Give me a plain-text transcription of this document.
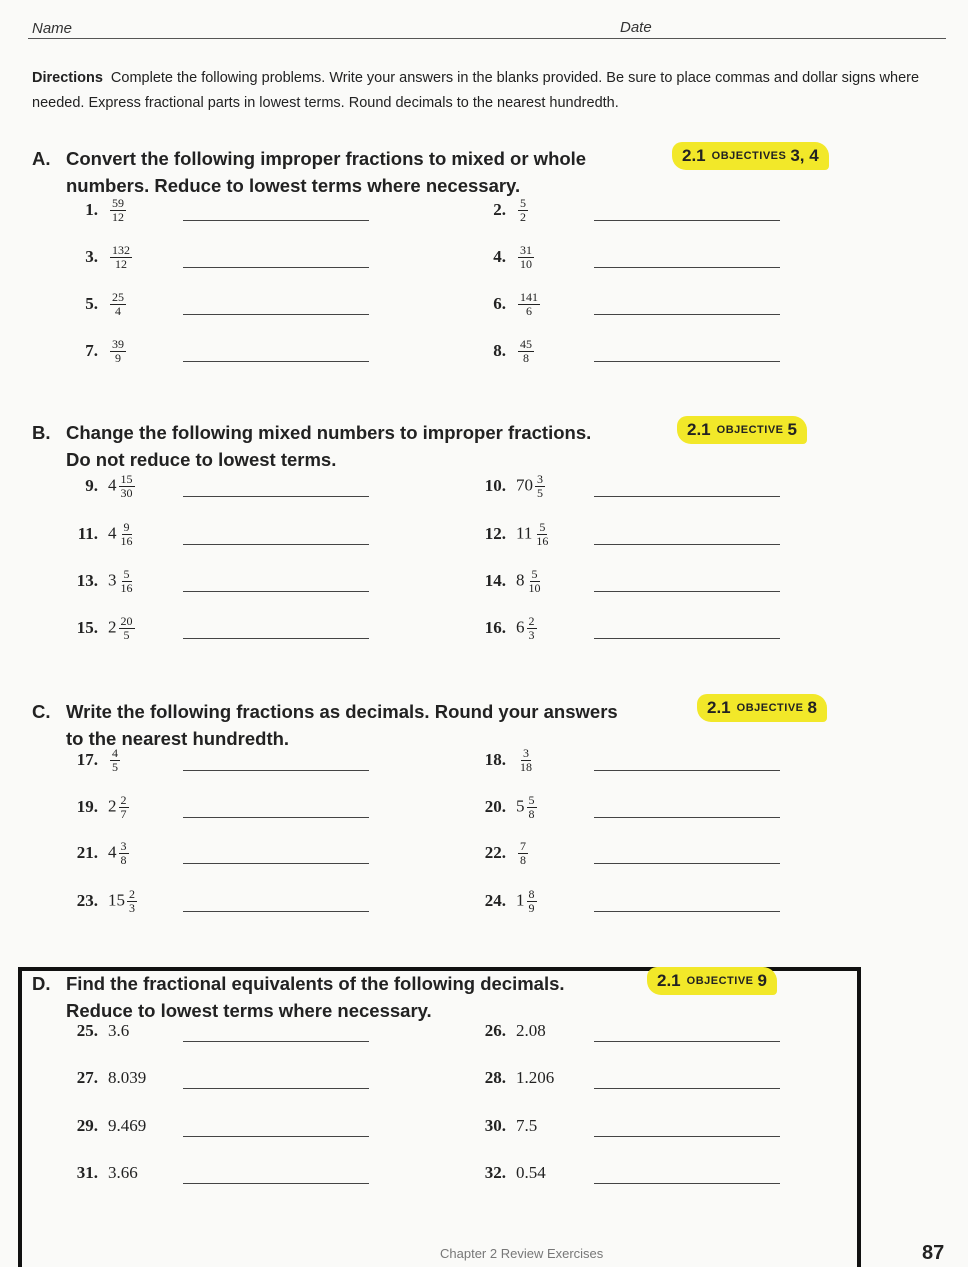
Name	Date
Directions Complete the following problems. Write your answers in the blanks provided. Be sure to place commas and dollar signs where needed. Express fractional parts in lowest terms. Round decimals to the nearest hundredth.
A. Convert the following improper fractions to mixed or whole
numbers. Reduce to lowest terms where necessary.
2.1 OBJECTIVES 3, 4
1. $\frac{59}{12}$	2. $\frac{5}{2}$
3. $\frac{132}{12}$	4. $\frac{31}{10}$
5. $\frac{25}{4}$	6. $\frac{141}{6}$
7. $\frac{39}{9}$	8. $\frac{45}{8}$
B. Change the following mixed numbers to improper fractions.
Do not reduce to lowest terms.
2.1 OBJECTIVE 5
9. $4 \frac{15}{30}$	10. $70 \frac{3}{5}$
11. $4 \frac{9}{16}$	12. $11 \frac{5}{16}$
13. $3 \frac{5}{16}$	14. $8 \frac{5}{10}$
15. $2 \frac{20}{5}$	16. $6 \frac{2}{3}$
C. Write the following fractions as decimals. Round your answers
to the nearest hundredth.
2.1 OBJECTIVE 8
17. $\frac{4}{5}$	18. $\frac{3}{18}$
19. $2 \frac{2}{7}$	20. $5 \frac{5}{8}$
21. $4 \frac{3}{8}$	22. $\frac{7}{8}$
23. $15 \frac{2}{3}$	24. $1 \frac{8}{9}$
D. Find the fractional equivalents of the following decimals.
Reduce to lowest terms where necessary.
2.1 OBJECTIVE 9
25. 3.6	26. 2.08
27. 8.039	28. 1.206
29. 9.469	30. 7.5
31. 3.66	32. 0.54
Chapter 2 Review Exercises	87
